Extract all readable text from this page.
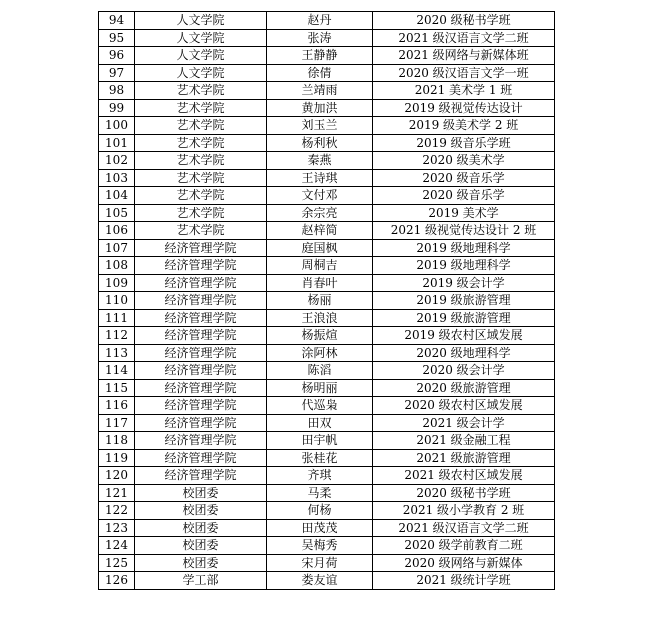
94	人文学院	赵丹	2020 级秘书学班
95	人文学院	张涛	2021 级汉语言文学二班
96	人文学院	王静静	2021 级网络与新媒体班
97	人文学院	徐倩	2020 级汉语言文学一班
98	艺术学院	兰靖雨	2021 美术学 1 班
99	艺术学院	黄加洪	2019 级视觉传达设计
100	艺术学院	刘玉兰	2019 级美术学 2 班
101	艺术学院	杨利秋	2019 级音乐学班
102	艺术学院	秦燕	2020 级美术学
103	艺术学院	王诗琪	2020 级音乐学
104	艺术学院	文付邓	2020 级音乐学
105	艺术学院	余宗亮	2019 美术学
106	艺术学院	赵梓简	2021 级视觉传达设计 2 班
107	经济管理学院	庭国枫	2019 级地理科学
108	经济管理学院	周桐吉	2019 级地理科学
109	经济管理学院	肖春叶	2019 级会计学
110	经济管理学院	杨丽	2019 级旅游管理
111	经济管理学院	王浪浪	2019 级旅游管理
112	经济管理学院	杨振煊	2019 级农村区域发展
113	经济管理学院	涂阿林	2020 级地理科学
114	经济管理学院	陈滔	2020 级会计学
115	经济管理学院	杨明丽	2020 级旅游管理
116	经济管理学院	代巡枭	2020 级农村区域发展
117	经济管理学院	田双	2021 级会计学
118	经济管理学院	田宇帆	2021 级金融工程
119	经济管理学院	张桂花	2021 级旅游管理
120	经济管理学院	齐琪	2021 级农村区域发展
121	校团委	马柔	2020 级秘书学班
122	校团委	何杨	2021 级小学教育 2 班
123	校团委	田茂茂	2021 级汉语言文学二班
124	校团委	吴梅秀	2020 级学前教育二班
125	校团委	宋月荷	2020 级网络与新媒体
126	学工部	娄友谊	2021 级统计学班
